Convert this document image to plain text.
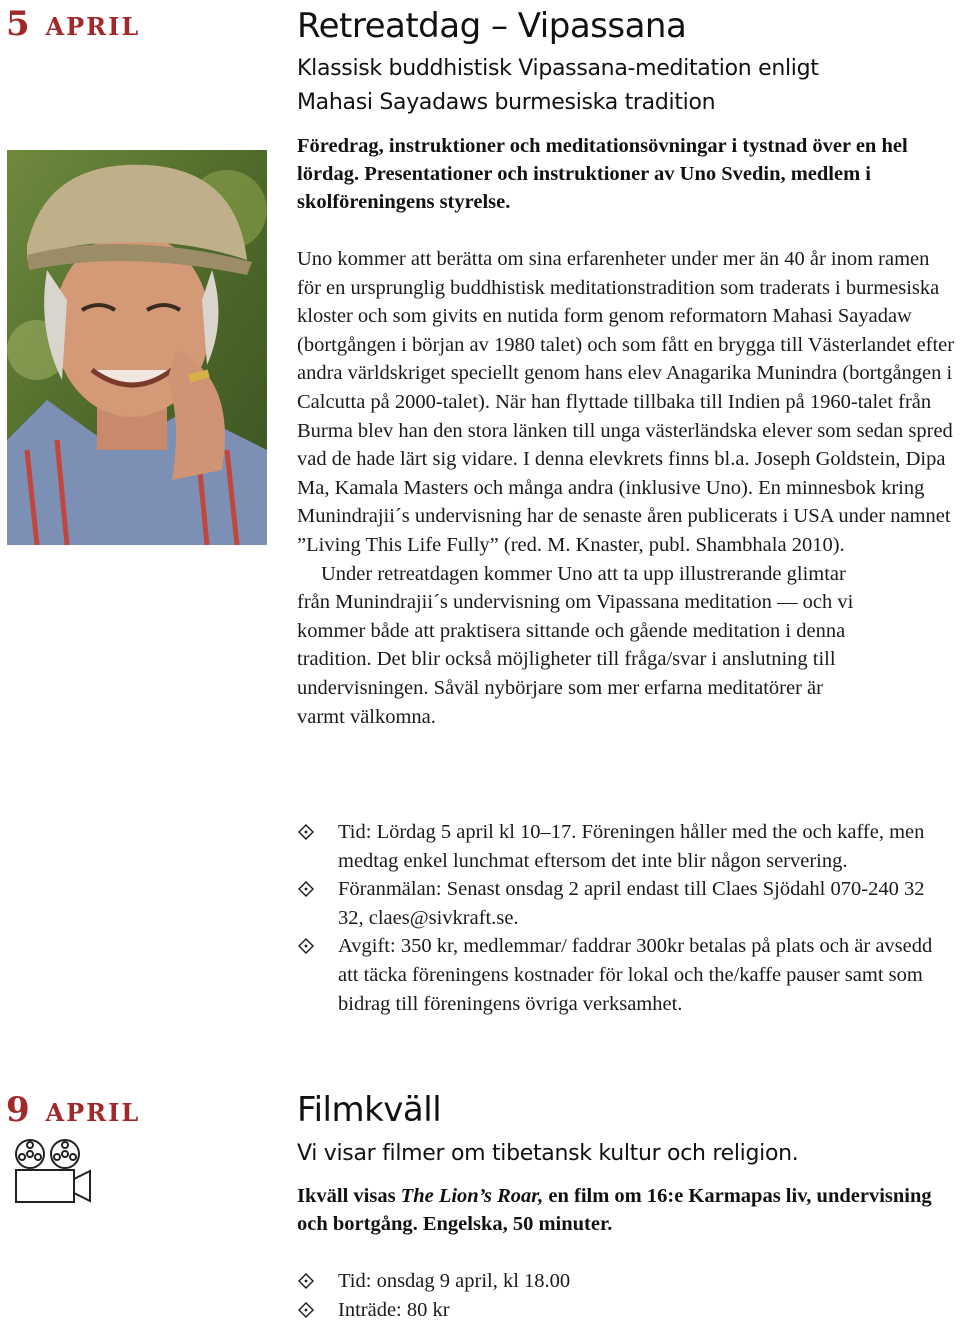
5 april	Retreatdag – Vipassana
Klassisk buddhistisk Vipassana-meditation enligt
Mahasi Sayadaws burmesiska tradition
Föredrag, instruktioner och meditationsövningar i tystnad över en hel lördag. Presentationer och instruktioner av Uno Svedin, medlem i skolföreningens styrelse.

Uno kommer att berätta om sina erfarenheter under mer än 40 år inom ramen för en ursprunglig buddhistisk meditationstradition som traderats i burmesiska kloster och som givits en nutida form genom reformatorn Mahasi Sayadaw (bortgången i början av 1980 talet) och som fått en brygga till Västerlandet efter andra världskriget speciellt genom hans elev Anagarika Munindra (bortgången i Calcutta på 2000-talet). När han flyttade tillbaka till Indien på 1960-talet från Burma blev han den stora länken till unga västerländska elever som sedan spred vad de hade lärt sig vidare. I denna elevkrets finns bl.a. Joseph Goldstein, Dipa Ma, Kamala Masters och många andra (inklusive Uno). En minnesbok kring Munindrajii´s undervisning har de senaste åren publicerats i USA under namnet ”Living This Life Fully” (red. M. Knaster, publ. Shambhala 2010).

Under retreatdagen kommer Uno att ta upp illustrerande glimtar från Munindrajii´s undervisning om Vipassana meditation — och vi kommer både att praktisera sittande och gående meditation i denna tradition. Det blir också möjligheter till fråga/svar i anslutning till undervisningen. Såväl nybörjare som mer erfarna meditatörer är varmt välkomna.

Tid: Lördag 5 april kl 10–17. Föreningen håller med the och kaffe, men medtag enkel lunchmat eftersom det inte blir någon servering.
Föranmälan: Senast onsdag 2 april endast till Claes Sjödahl 070-240 32 32, claes@sivkraft.se.
Avgift: 350 kr, medlemmar/ faddrar 300kr betalas på plats och är avsedd att täcka föreningens kostnader för lokal och the/kaffe pauser samt som bidrag till föreningens övriga verksamhet.
9 april	Filmkväll
Vi visar filmer om tibetansk kultur och religion.
Ikväll visas The Lion’s Roar, en film om 16:e Karmapas liv, undervisning och bortgång. Engelska, 50 minuter.
Tid: onsdag 9 april, kl 18.00
Inträde: 80 kr
